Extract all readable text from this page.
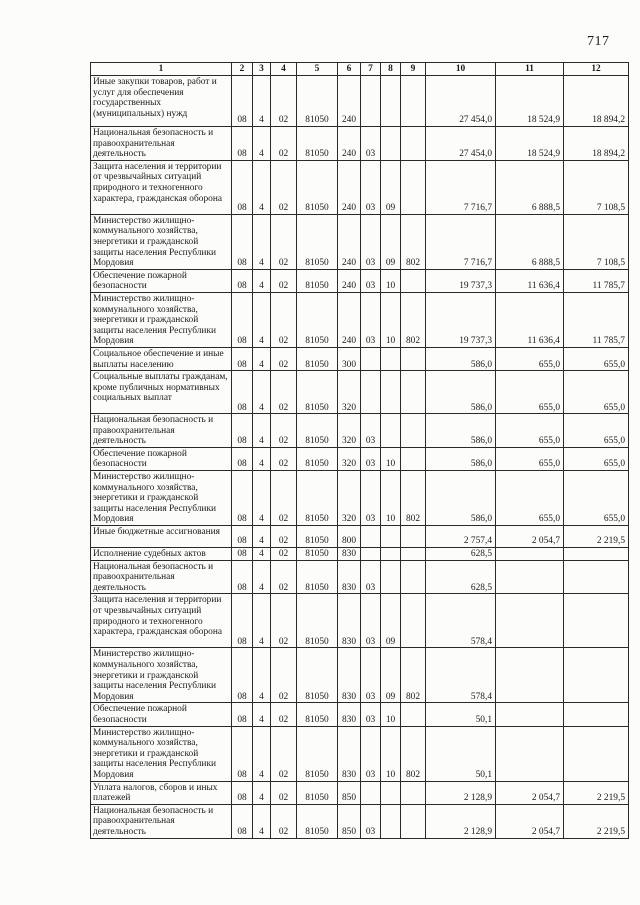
717
1	2	3	4	5	6	7	8	9	10	11	12
Иные закупки товаров, работ и услуг для обеспечения государственных (муниципальных) нужд	08	4	02	81050	240				27 454,0	18 524,9	18 894,2
Национальная безопасность и правоохранительная деятельность	08	4	02	81050	240	03			27 454,0	18 524,9	18 894,2
Защита населения и территории от чрезвычайных ситуаций природного и техногенного характера, гражданская оборона	08	4	02	81050	240	03	09		7 716,7	6 888,5	7 108,5
Министерство жилищно-коммунального хозяйства, энергетики и гражданской защиты населения Республики Мордовия	08	4	02	81050	240	03	09	802	7 716,7	6 888,5	7 108,5
Обеспечение пожарной безопасности	08	4	02	81050	240	03	10		19 737,3	11 636,4	11 785,7
Министерство жилищно-коммунального хозяйства, энергетики и гражданской защиты населения Республики Мордовия	08	4	02	81050	240	03	10	802	19 737,3	11 636,4	11 785,7
Социальное обеспечение и иные выплаты населению	08	4	02	81050	300				586,0	655,0	655,0
Социальные выплаты гражданам, кроме публичных нормативных социальных выплат	08	4	02	81050	320				586,0	655,0	655,0
Национальная безопасность и правоохранительная деятельность	08	4	02	81050	320	03			586,0	655,0	655,0
Обеспечение пожарной безопасности	08	4	02	81050	320	03	10		586,0	655,0	655,0
Министерство жилищно-коммунального хозяйства, энергетики и гражданской защиты населения Республики Мордовия	08	4	02	81050	320	03	10	802	586,0	655,0	655,0
Иные бюджетные ассигнования	08	4	02	81050	800				2 757,4	2 054,7	2 219,5
Исполнение судебных актов	08	4	02	81050	830				628,5		
Национальная безопасность и правоохранительная деятельность	08	4	02	81050	830	03			628,5		
Защита населения и территории от чрезвычайных ситуаций природного и техногенного характера, гражданская оборона	08	4	02	81050	830	03	09		578,4		
Министерство жилищно-коммунального хозяйства, энергетики и гражданской защиты населения Республики Мордовия	08	4	02	81050	830	03	09	802	578,4		
Обеспечение пожарной безопасности	08	4	02	81050	830	03	10		50,1		
Министерство жилищно-коммунального хозяйства, энергетики и гражданской защиты населения Республики Мордовия	08	4	02	81050	830	03	10	802	50,1		
Уплата налогов, сборов и иных платежей	08	4	02	81050	850				2 128,9	2 054,7	2 219,5
Национальная безопасность и правоохранительная деятельность	08	4	02	81050	850	03			2 128,9	2 054,7	2 219,5
